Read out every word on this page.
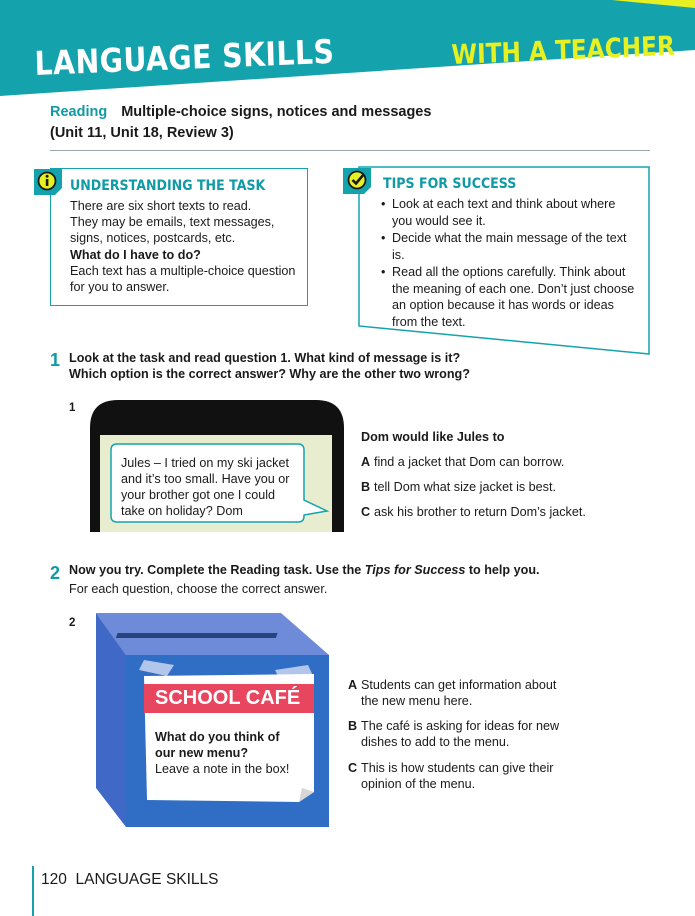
LANGUAGE SKILLS	WITH A TEACHER
Reading Multiple-choice signs, notices and messages
(Unit 11, Unit 18, Review 3)
UNDERSTANDING THE TASK

There are six short texts to read.

They may be emails, text messages,

signs, notices, postcards, etc.

What do I have to do?

Each text has a multiple-choice question

for you to answer.

TIPS FOR SUCCESS
• Look at each text and think about where
you would see it.
• Decide what the main message of the text
is.
• Read all the options carefully. Think about
the meaning of each one. Don’t just choose
an option because it has words or ideas
from the text.
1 Look at the task and read question 1. What kind of message is it?
Which option is the correct answer? Why are the other two wrong?
1
Jules – I tried on my ski jacket
and it’s too small. Have you or
your brother got one I could
take on holiday? Dom
Dom would like Jules to
A find a jacket that Dom can borrow.
B tell Dom what size jacket is best.
C ask his brother to return Dom’s jacket.
2 Now you try. Complete the Reading task. Use the Tips for Success to help you.
For each question, choose the correct answer.
2
SCHOOL CAFÉ
What do you think of
our new menu?
Leave a note in the box!
A Students can get information about
the new menu here.
B The café is asking for ideas for new
dishes to add to the menu.
C This is how students can give their
opinion of the menu.
120 LANGUAGE SKILLS
